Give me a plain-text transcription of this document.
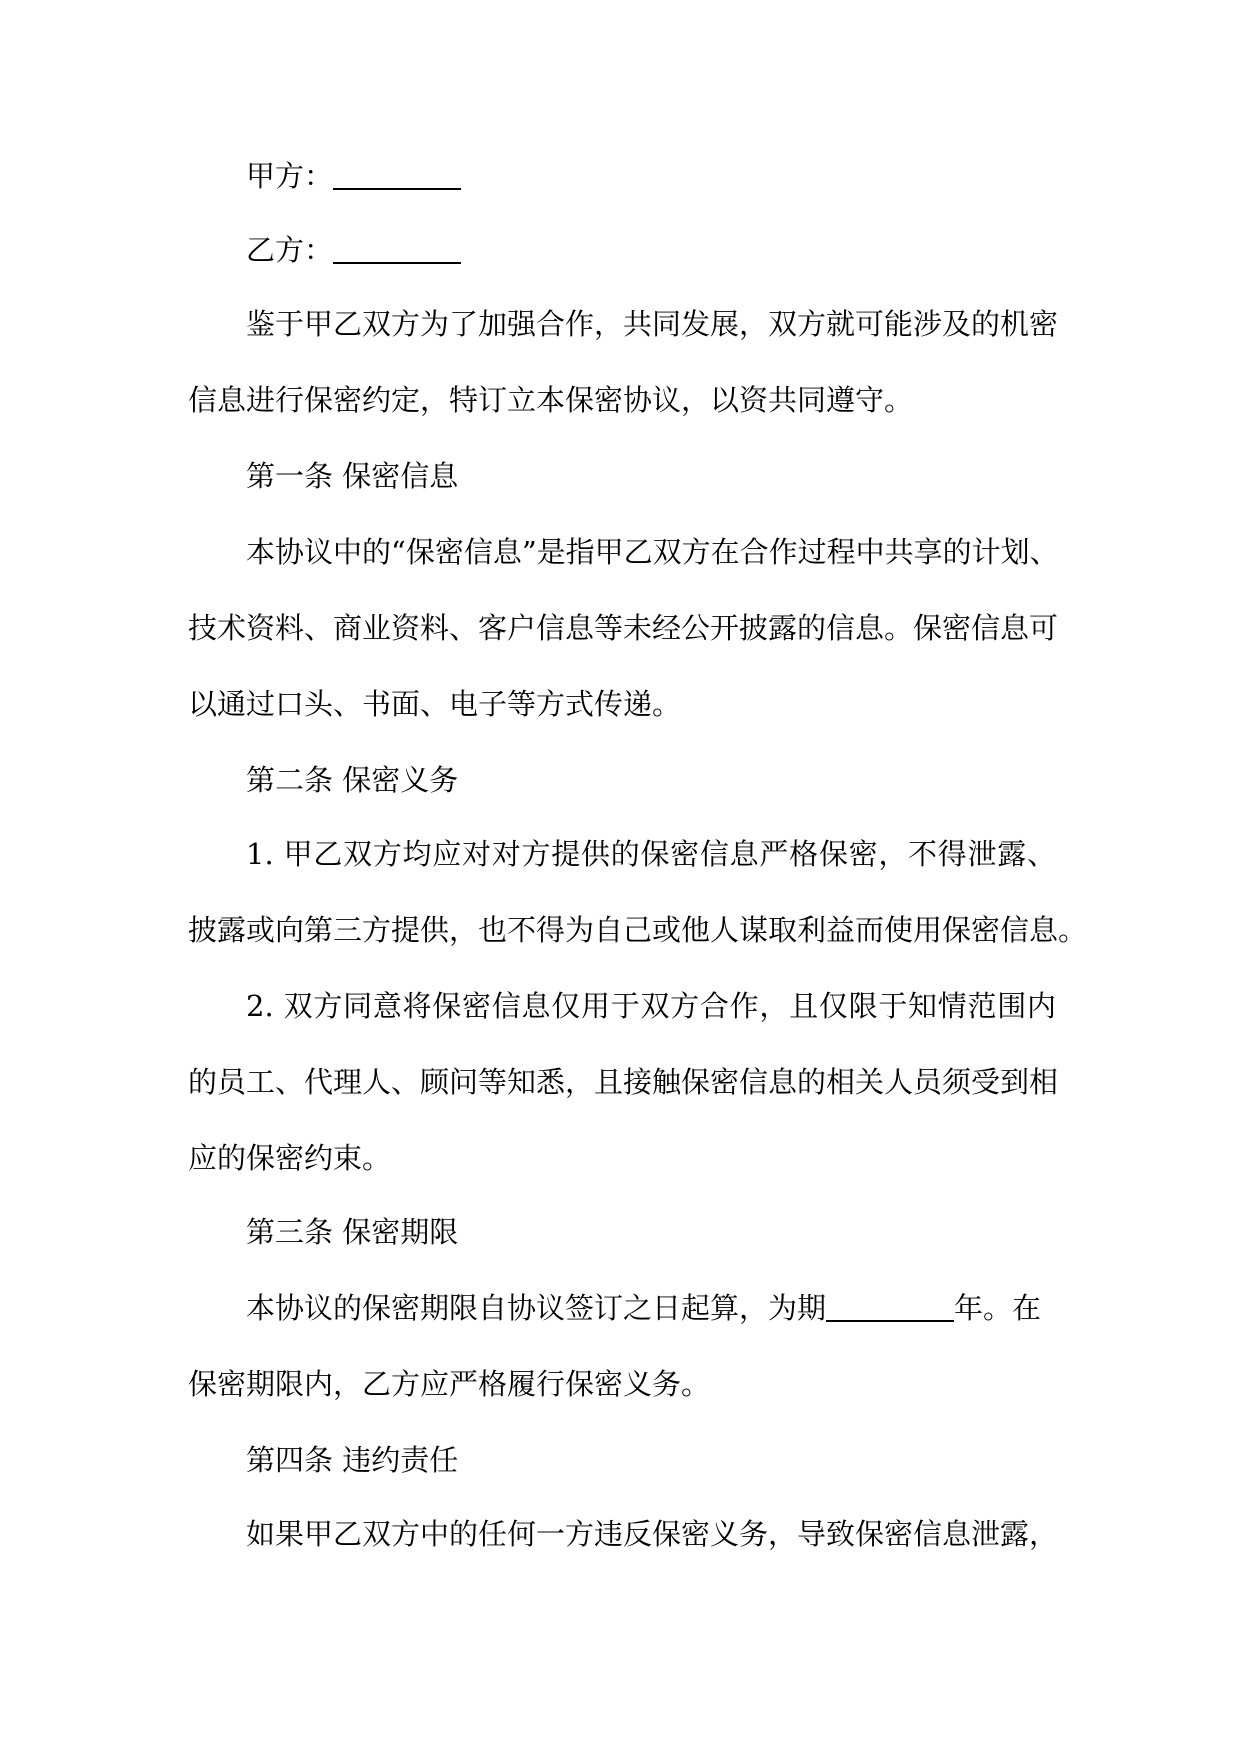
甲方：
乙方：
鉴于甲乙双方为了加强合作，共同发展，双方就可能涉及的机密
信息进行保密约定，特订立本保密协议，以资共同遵守。
第一条 保密信息
本协议中的“保密信息”是指甲乙双方在合作过程中共享的计划、
技术资料、商业资料、客户信息等未经公开披露的信息。保密信息可
以通过口头、书面、电子等方式传递。
第二条 保密义务
1. 甲乙双方均应对对方提供的保密信息严格保密，不得泄露、
披露或向第三方提供，也不得为自己或他人谋取利益而使用保密信息。
2. 双方同意将保密信息仅用于双方合作，且仅限于知情范围内
的员工、代理人、顾问等知悉，且接触保密信息的相关人员须受到相
应的保密约束。
第三条 保密期限
本协议的保密期限自协议签订之日起算，为期	年。在
保密期限内，乙方应严格履行保密义务。
第四条 违约责任
如果甲乙双方中的任何一方违反保密义务，导致保密信息泄露，
